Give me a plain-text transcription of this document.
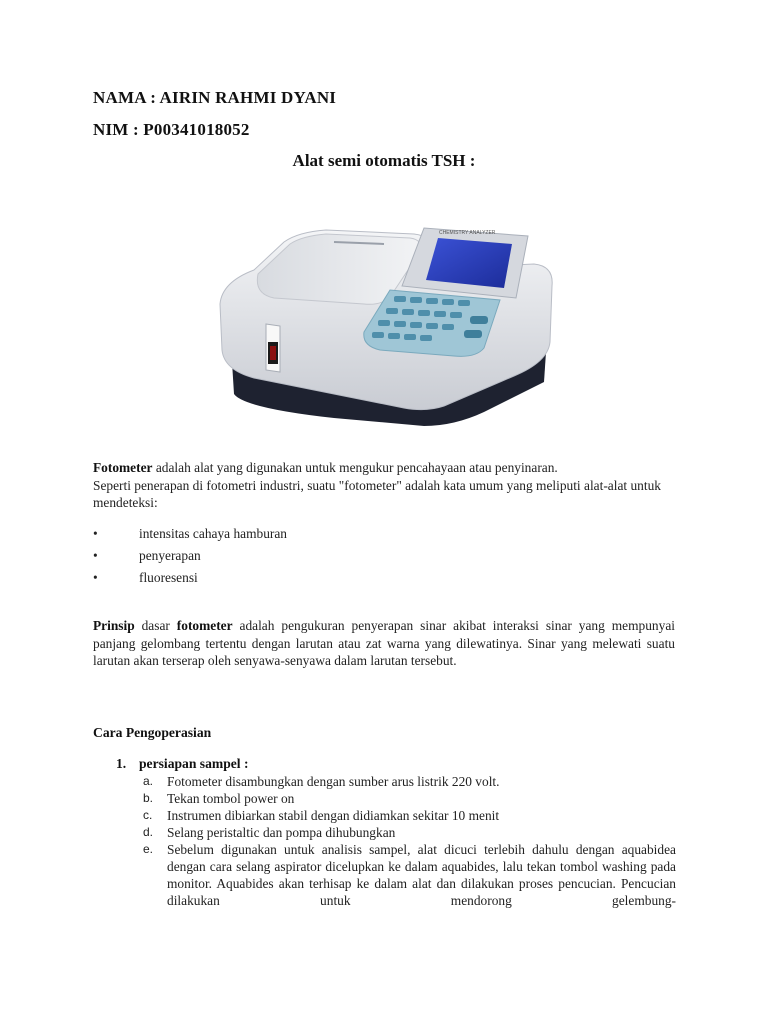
NAMA : AIRIN RAHMI DYANI
NIM : P00341018052
Alat semi otomatis TSH :
CHEMISTRY ANALYZER
Fotometer adalah alat yang digunakan untuk mengukur pencahayaan atau penyinaran.
Seperti penerapan di fotometri industri, suatu "fotometer" adalah kata umum yang meliputi alat-alat untuk mendeteksi:
•	intensitas cahaya hamburan
•	penyerapan
•	fluoresensi
Prinsip dasar fotometer adalah pengukuran penyerapan sinar akibat interaksi sinar yang mempunyai panjang gelombang tertentu dengan larutan atau zat warna yang dilewatinya. Sinar yang melewati suatu larutan akan terserap oleh senyawa-senyawa dalam larutan tersebut.
Cara Pengoperasian
1. persiapan sampel :
a. Fotometer disambungkan dengan sumber arus listrik 220 volt.
b. Tekan tombol power on
c. Instrumen dibiarkan stabil dengan didiamkan sekitar 10 menit
d. Selang peristaltic dan pompa dihubungkan
e. Sebelum digunakan untuk analisis sampel, alat dicuci terlebih dahulu dengan aquabidea dengan cara selang aspirator dicelupkan ke dalam aquabides, lalu tekan tombol washing pada monitor. Aquabides akan terhisap ke dalam alat dan dilakukan proses pencucian. Pencucian dilakukan untuk mendorong gelembung-
